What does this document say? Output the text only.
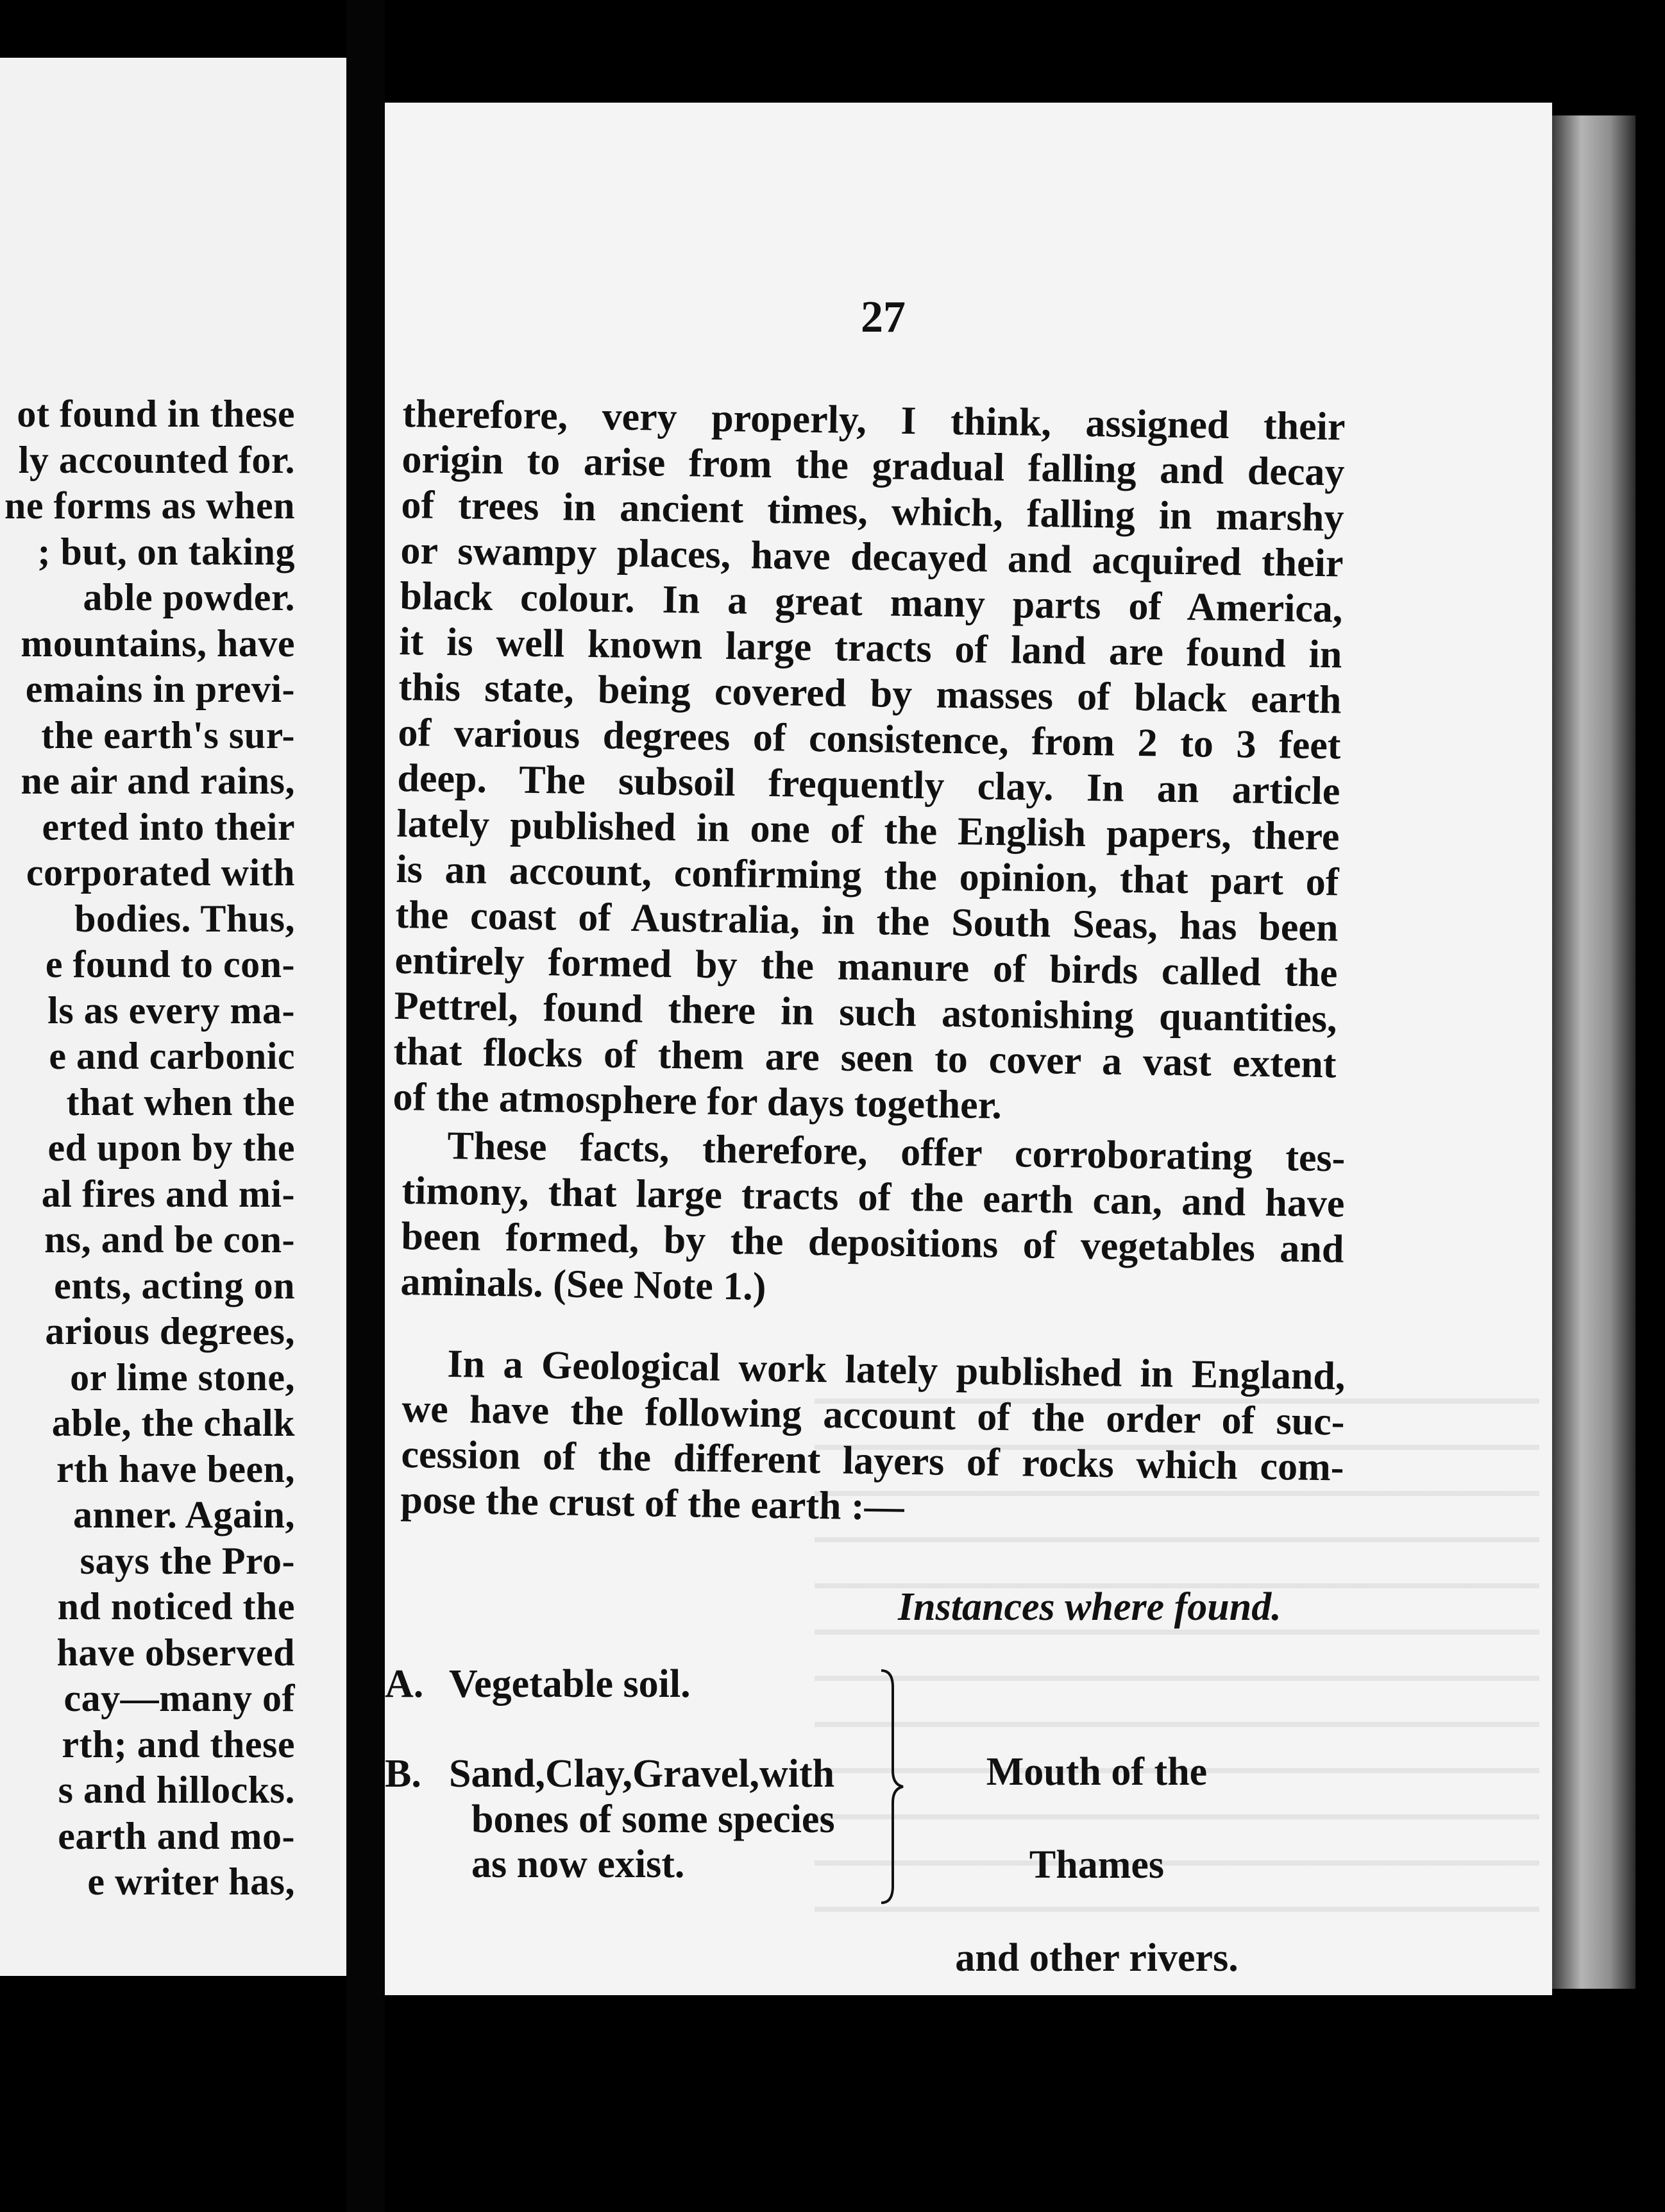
ot found in these
ly accounted for.
ne forms as when
; but, on taking
able powder.
mountains, have
emains in previ-
the earth's sur-
ne air and rains,
erted into their
corporated with
bodies. Thus,
e found to con-
ls as every ma-
e and carbonic
that when the
ed upon by the
al fires and mi-
ns, and be con-
ents, acting on
arious degrees,
or lime stone,
able, the chalk
rth have been,
anner. Again,
says the Pro-
nd noticed the
have observed
cay—many of
rth; and these
s and hillocks.
earth and mo-
e writer has,
27
therefore, very properly, I think, assigned their
origin to arise from the gradual falling and decay
of trees in ancient times, which, falling in marshy
or swampy places, have decayed and acquired their
black colour. In a great many parts of America,
it is well known large tracts of land are found in
this state, being covered by masses of black earth
of various degrees of consistence, from 2 to 3 feet
deep. The subsoil frequently clay. In an article
lately published in one of the English papers, there
is an account, confirming the opinion, that part of
the coast of Australia, in the South Seas, has been
entirely formed by the manure of birds called the
Pettrel, found there in such astonishing quantities,
that flocks of them are seen to cover a vast extent
of the atmosphere for days together.
These facts, therefore, offer corroborating tes-
timony, that large tracts of the earth can, and have
been formed, by the depositions of vegetables and
aminals. (See Note 1.)
In a Geological work lately published in England,
we have the following account of the order of suc-
cession of the different layers of rocks which com-
pose the crust of the earth :—
Instances where found.
A. Vegetable soil.
B. Sand,Clay,Gravel,with
bones of some species
as now exist.
Mouth of the Thames
and other rivers.
